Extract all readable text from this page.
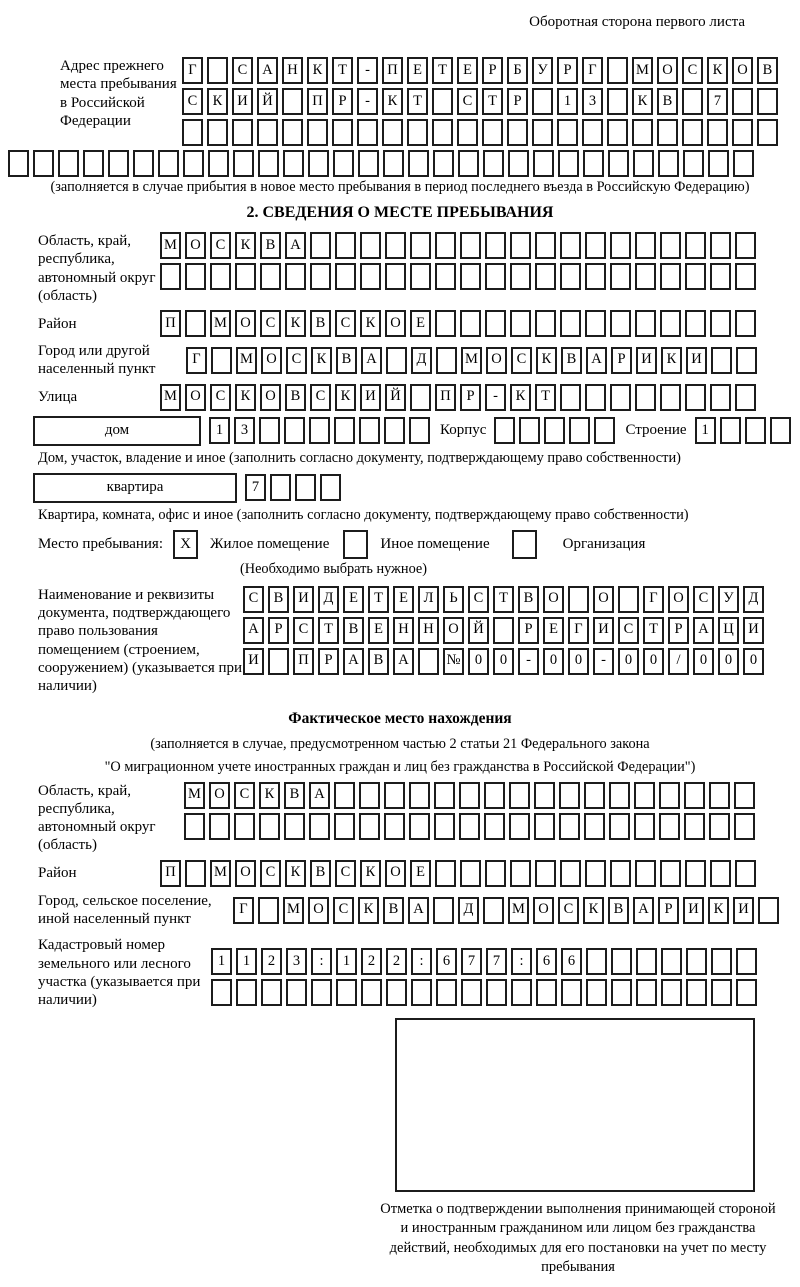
Оборотная сторона первого листа
Адрес прежнего места пребывания в Российской Федерации
Г	С	А	Н	К	Т	-	П	Е	Т	Е	Р	Б	У	Р	Г	М О	С	К	О	В
С	К	И	Й	П	Р	-	К	Т	С	Т	Р	1	3	К	В	7
(заполняется в случае прибытия в новое место пребывания в период последнего въезда в Российскую Федерацию)
2. СВЕДЕНИЯ О МЕСТЕ ПРЕБЫВАНИЯ
Область, край, республика, автономный округ (область)
М О	С	К	В	А
Район	П	М О	С	К	В	С	К	О	Е
Город или другой населенный пункт
Г	М О	С	К	В	А	Д	М О	С	К	В	А	Р	И	К	И
Улица	М О	С	К	О	В	С	К	И	Й	П	Р	-	К	Т
дом	1	3	Корпус	Строение	1
Дом, участок, владение и иное (заполнить согласно документу, подтверждающему право собственности)
квартира	7
Квартира, комната, офис и иное (заполнить согласно документу, подтверждающему право собственности)
Место пребывания:	X	Жилое помещение	Иное помещение	Организация
(Необходимо выбрать нужное)
Наименование и реквизиты документа, подтверждающего право пользования помещением (строением, сооружением) (указывается при наличии)
С	В	И	Д	Е	Т	Е	Л	Ь	С	Т	В	О	О	Г	О	С	У	Д
А	Р	С	Т	В	Е	Н	Н	О	Й	Р	Е	Г	И	С	Т	Р	А	Ц	И
И	П	Р	А	В	А	№ 0	0	-	0	0	-	0	0	/	0	0	0
Фактическое место нахождения
(заполняется в случае, предусмотренном частью 2 статьи 21 Федерального закона
"О миграционном учете иностранных граждан и лиц без гражданства в Российской Федерации")
Область, край, республика, автономный округ (область)
М О	С	К	В	А
Район	П	М О	С	К	В	С	К	О	Е
Город, сельское поселение, иной населенный пункт
Г	М О	С	К	В	А	Д	М О	С	К	В	А	Р	И	К	И
Кадастровый номер земельного или лесного участка (указывается при наличии)
1	1	2	3	:	1	2	2	:	6	7	7	:	6	6
Отметка о подтверждении выполнения принимающей стороной и иностранным гражданином или лицом без гражданства действий, необходимых для его постановки на учет по месту пребывания
